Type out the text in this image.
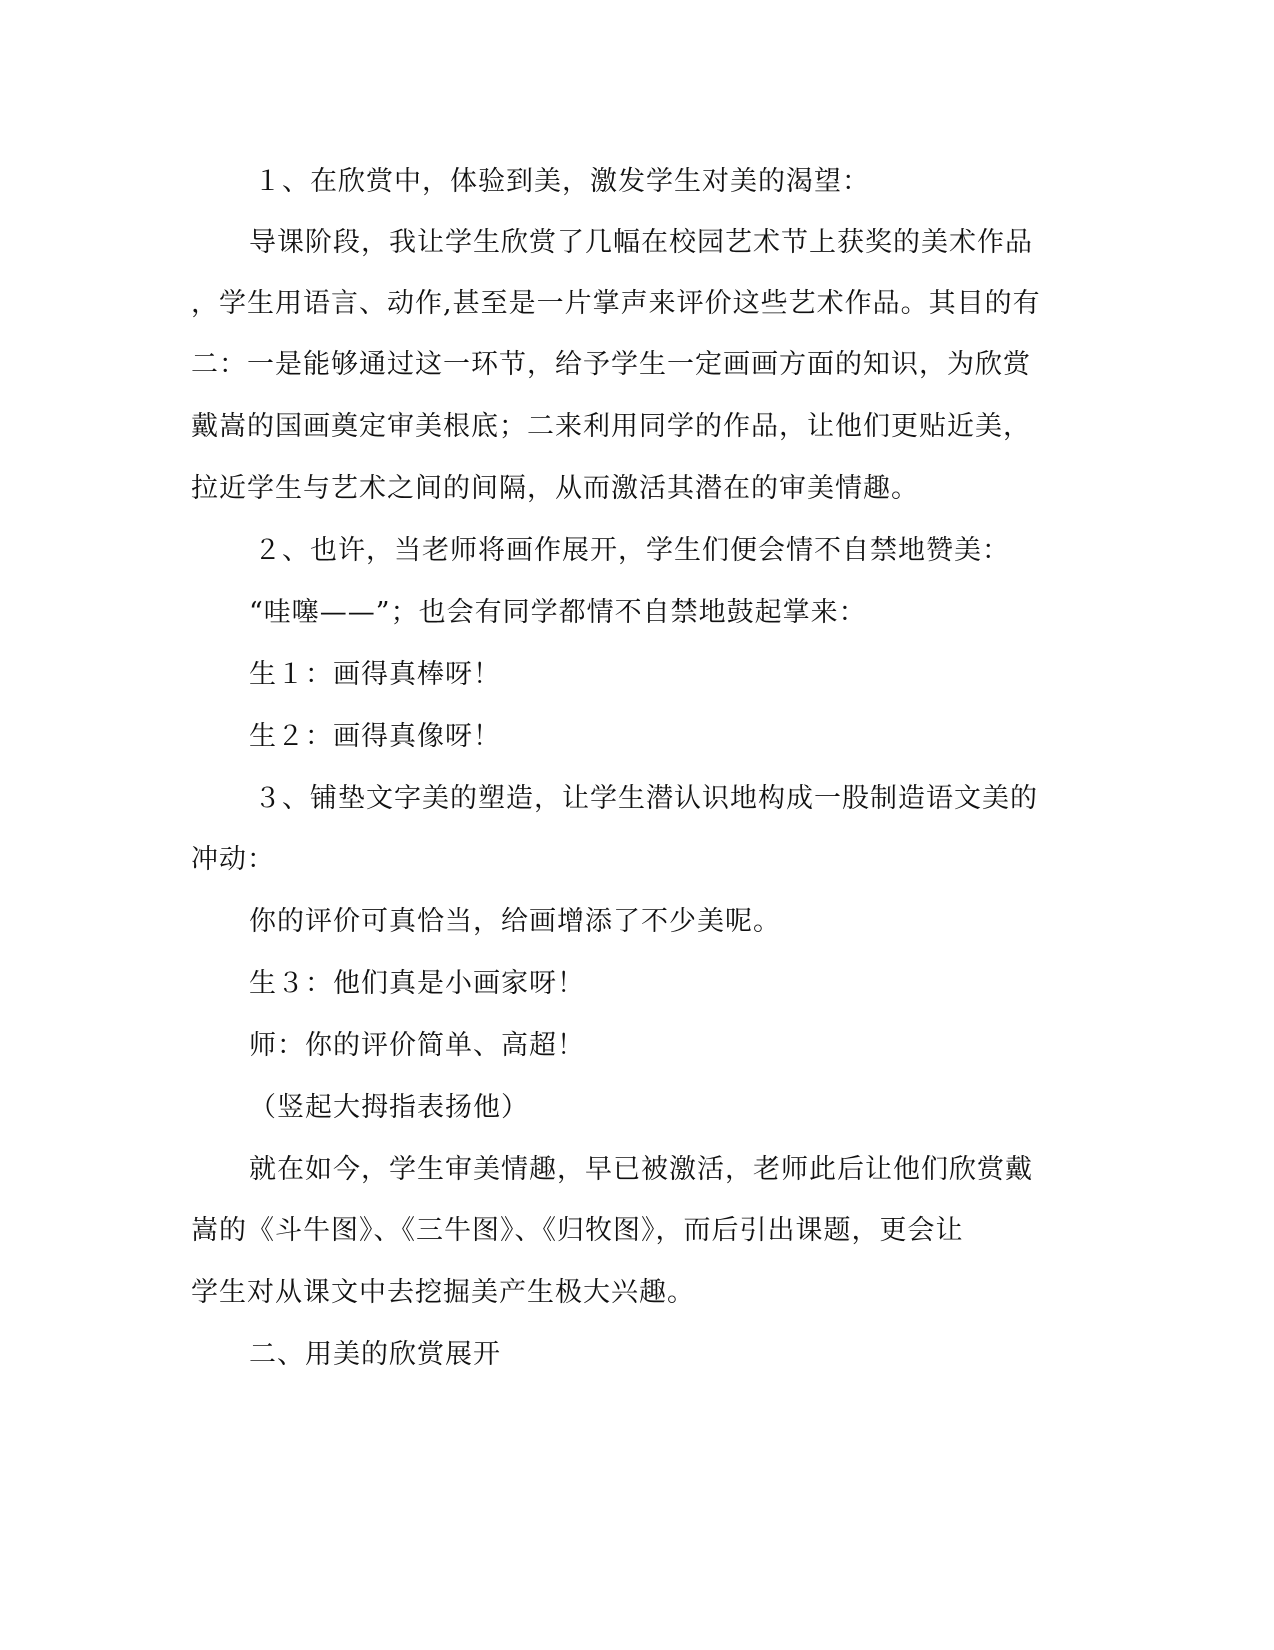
１、在欣赏中，体验到美，激发学生对美的渴望：
导课阶段，我让学生欣赏了几幅在校园艺术节上获奖的美术作品
，学生用语言、动作,甚至是一片掌声来评价这些艺术作品。其目的有
二：一是能够通过这一环节，给予学生一定画画方面的知识，为欣赏
戴嵩的国画奠定审美根底；二来利用同学的作品，让他们更贴近美，
拉近学生与艺术之间的间隔，从而激活其潜在的审美情趣。
２、也许，当老师将画作展开，学生们便会情不自禁地赞美：
“哇噻——”；也会有同学都情不自禁地鼓起掌来：
生１：画得真棒呀！
生２：画得真像呀！
３、铺垫文字美的塑造，让学生潜认识地构成一股制造语文美的
冲动：
你的评价可真恰当，给画增添了不少美呢。
生３：他们真是小画家呀！
师：你的评价简单、高超！
（竖起大拇指表扬他）
就在如今，学生审美情趣，早已被激活，老师此后让他们欣赏戴
嵩的《斗牛图》、《三牛图》、《归牧图》，而后引出课题，更会让
学生对从课文中去挖掘美产生极大兴趣。
二、用美的欣赏展开
